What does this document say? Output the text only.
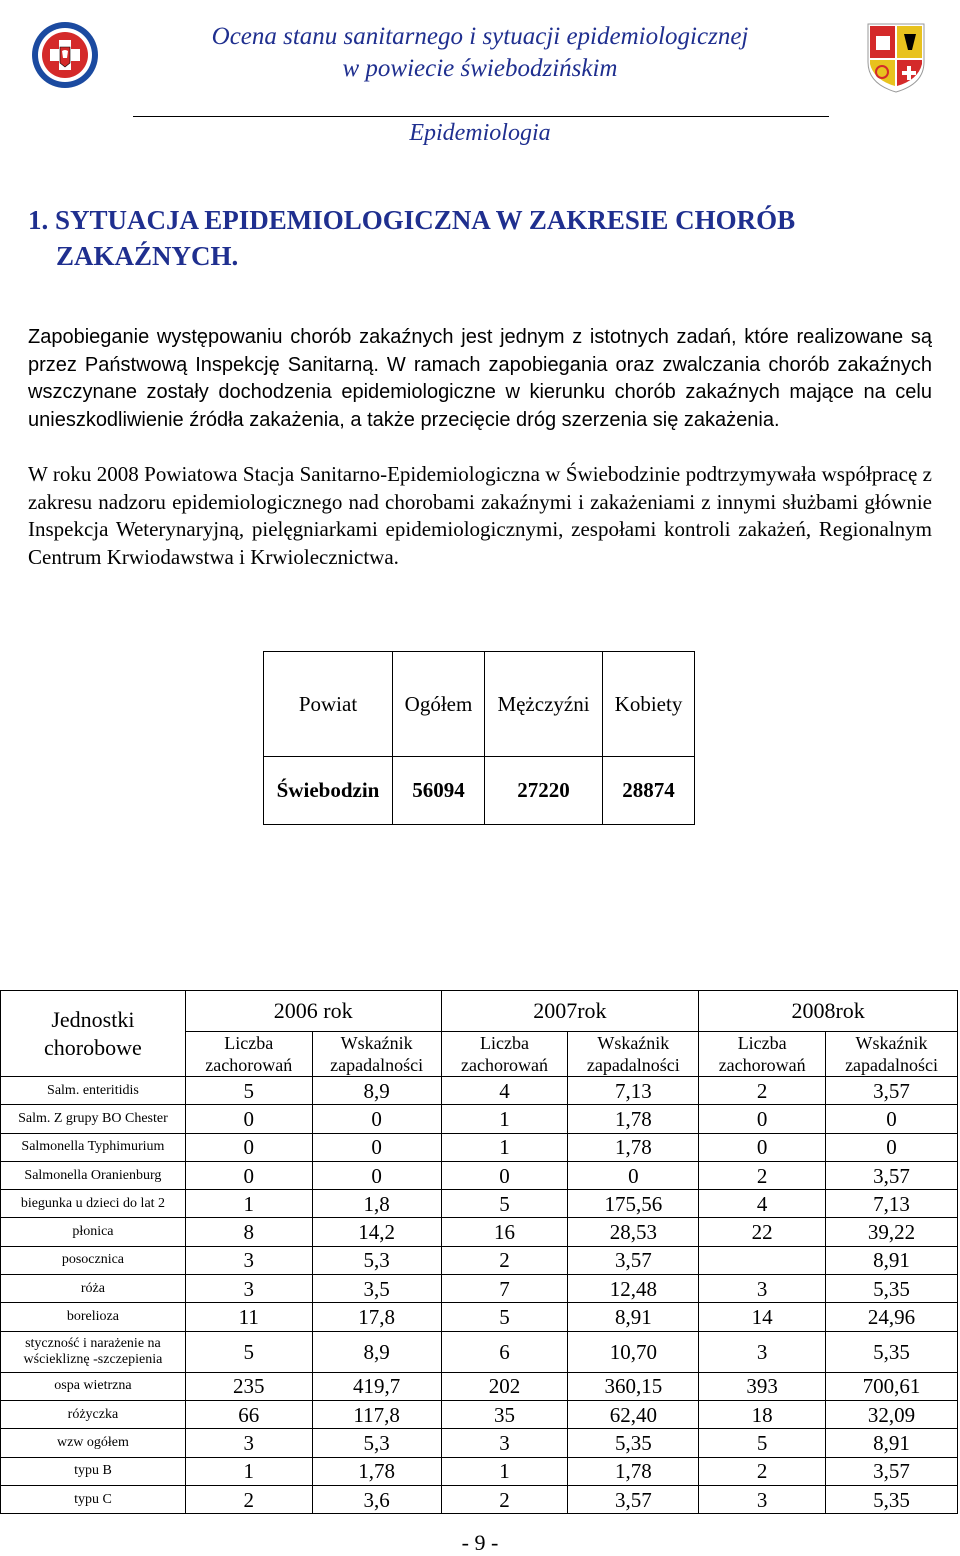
Ocena stanu sanitarnego i sytuacji epidemiologicznej
w powiecie świebodzińskim
Epidemiologia
1. SYTUACJA EPIDEMIOLOGICZNA W ZAKRESIE CHORÓB
ZAKAŹNYCH.
Zapobieganie występowaniu chorób zakaźnych jest jednym z istotnych zadań, które realizowane są przez Państwową Inspekcję Sanitarną. W ramach zapobiegania oraz zwalczania chorób zakaźnych wszczynane zostały dochodzenia epidemiologiczne w kierunku chorób zakaźnych mające na celu unieszkodliwienie źródła zakażenia, a także przecięcie dróg szerzenia się zakażenia.
W roku 2008 Powiatowa Stacja Sanitarno-Epidemiologiczna w Świebodzinie podtrzymywała współpracę z zakresu nadzoru epidemiologicznego nad chorobami zakaźnymi i zakażeniami z innymi służbami głównie Inspekcja Weterynaryjną, pielęgniarkami epidemiologicznymi, zespołami kontroli zakażeń, Regionalnym Centrum Krwiodawstwa i Krwiolecznictwa.
Powiat	Ogółem	Mężczyźni	Kobiety
Świebodzin	56094	27220	28874
Jednostki chorobowe	2006 rok		2007rok		2008rok	
	Liczba zachorowań	Wskaźnik zapadalności	Liczba zachorowań	Wskaźnik zapadalności	Liczba zachorowań	Wskaźnik zapadalności
Salm. enteritidis	5	8,9	4	7,13	2	3,57
Salm. Z grupy BO Chester	0	0	1	1,78	0	0
Salmonella Typhimurium	0	0	1	1,78	0	0
Salmonella Oranienburg	0	0	0	0	2	3,57
biegunka u dzieci do lat 2	1	1,8	5	175,56	4	7,13
płonica	8	14,2	16	28,53	22	39,22
posocznica	3	5,3	2	3,57		8,91
róża	3	3,5	7	12,48	3	5,35
borelioza	11	17,8	5	8,91	14	24,96
styczność i narażenie na wściekliznę -szczepienia	5	8,9	6	10,70	3	5,35
ospa wietrzna	235	419,7	202	360,15	393	700,61
różyczka	66	117,8	35	62,40	18	32,09
wzw ogółem	3	5,3	3	5,35	5	8,91
typu B	1	1,78	1	1,78	2	3,57
typu C	2	3,6	2	3,57	3	5,35
- 9 -
